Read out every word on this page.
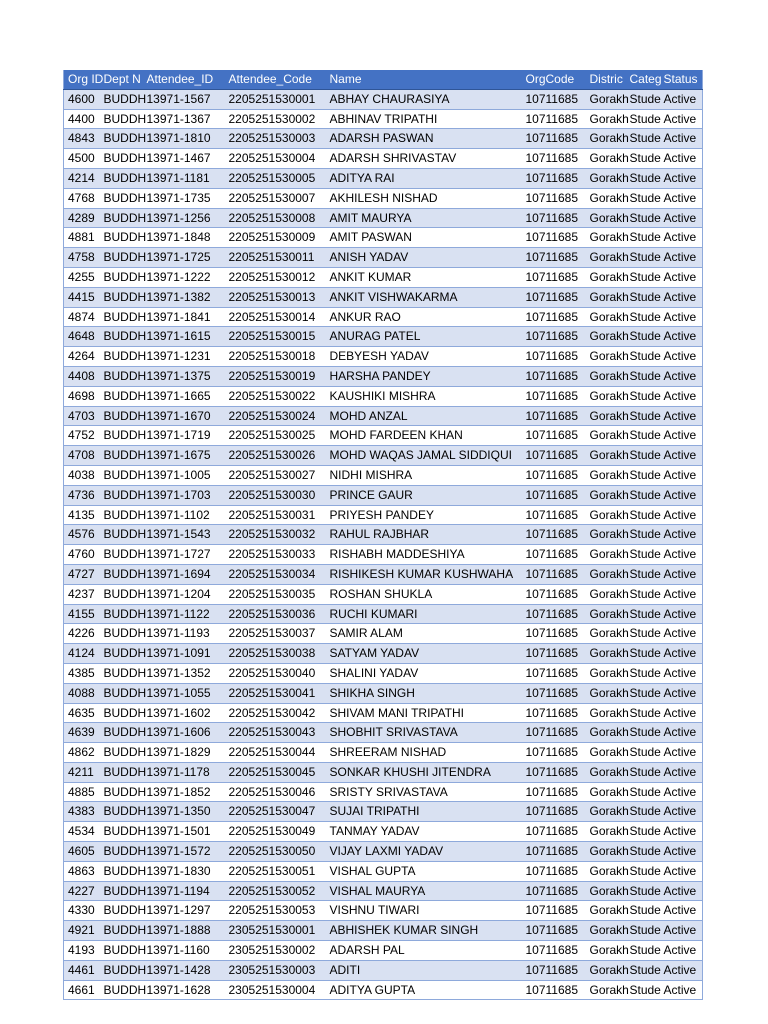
Org ID	Dept N	Attendee_ID	Attendee_Code	Name	OrgCode	Distric	Categ	Status
4600	BUDDH	13971-1567	2205251530001	ABHAY CHAURASIYA	10711685	Gorakh	Stude	Active
4400	BUDDH	13971-1367	2205251530002	ABHINAV TRIPATHI	10711685	Gorakh	Stude	Active
4843	BUDDH	13971-1810	2205251530003	ADARSH PASWAN	10711685	Gorakh	Stude	Active
4500	BUDDH	13971-1467	2205251530004	ADARSH SHRIVASTAV	10711685	Gorakh	Stude	Active
4214	BUDDH	13971-1181	2205251530005	ADITYA RAI	10711685	Gorakh	Stude	Active
4768	BUDDH	13971-1735	2205251530007	AKHILESH NISHAD	10711685	Gorakh	Stude	Active
4289	BUDDH	13971-1256	2205251530008	AMIT MAURYA	10711685	Gorakh	Stude	Active
4881	BUDDH	13971-1848	2205251530009	AMIT PASWAN	10711685	Gorakh	Stude	Active
4758	BUDDH	13971-1725	2205251530011	ANISH YADAV	10711685	Gorakh	Stude	Active
4255	BUDDH	13971-1222	2205251530012	ANKIT KUMAR	10711685	Gorakh	Stude	Active
4415	BUDDH	13971-1382	2205251530013	ANKIT VISHWAKARMA	10711685	Gorakh	Stude	Active
4874	BUDDH	13971-1841	2205251530014	ANKUR RAO	10711685	Gorakh	Stude	Active
4648	BUDDH	13971-1615	2205251530015	ANURAG PATEL	10711685	Gorakh	Stude	Active
4264	BUDDH	13971-1231	2205251530018	DEBYESH YADAV	10711685	Gorakh	Stude	Active
4408	BUDDH	13971-1375	2205251530019	HARSHA PANDEY	10711685	Gorakh	Stude	Active
4698	BUDDH	13971-1665	2205251530022	KAUSHIKI MISHRA	10711685	Gorakh	Stude	Active
4703	BUDDH	13971-1670	2205251530024	MOHD ANZAL	10711685	Gorakh	Stude	Active
4752	BUDDH	13971-1719	2205251530025	MOHD FARDEEN KHAN	10711685	Gorakh	Stude	Active
4708	BUDDH	13971-1675	2205251530026	MOHD WAQAS JAMAL SIDDIQUI	10711685	Gorakh	Stude	Active
4038	BUDDH	13971-1005	2205251530027	NIDHI MISHRA	10711685	Gorakh	Stude	Active
4736	BUDDH	13971-1703	2205251530030	PRINCE GAUR	10711685	Gorakh	Stude	Active
4135	BUDDH	13971-1102	2205251530031	PRIYESH PANDEY	10711685	Gorakh	Stude	Active
4576	BUDDH	13971-1543	2205251530032	RAHUL RAJBHAR	10711685	Gorakh	Stude	Active
4760	BUDDH	13971-1727	2205251530033	RISHABH MADDESHIYA	10711685	Gorakh	Stude	Active
4727	BUDDH	13971-1694	2205251530034	RISHIKESH KUMAR KUSHWAHA	10711685	Gorakh	Stude	Active
4237	BUDDH	13971-1204	2205251530035	ROSHAN SHUKLA	10711685	Gorakh	Stude	Active
4155	BUDDH	13971-1122	2205251530036	RUCHI KUMARI	10711685	Gorakh	Stude	Active
4226	BUDDH	13971-1193	2205251530037	SAMIR ALAM	10711685	Gorakh	Stude	Active
4124	BUDDH	13971-1091	2205251530038	SATYAM YADAV	10711685	Gorakh	Stude	Active
4385	BUDDH	13971-1352	2205251530040	SHALINI YADAV	10711685	Gorakh	Stude	Active
4088	BUDDH	13971-1055	2205251530041	SHIKHA SINGH	10711685	Gorakh	Stude	Active
4635	BUDDH	13971-1602	2205251530042	SHIVAM MANI TRIPATHI	10711685	Gorakh	Stude	Active
4639	BUDDH	13971-1606	2205251530043	SHOBHIT SRIVASTAVA	10711685	Gorakh	Stude	Active
4862	BUDDH	13971-1829	2205251530044	SHREERAM NISHAD	10711685	Gorakh	Stude	Active
4211	BUDDH	13971-1178	2205251530045	SONKAR KHUSHI JITENDRA	10711685	Gorakh	Stude	Active
4885	BUDDH	13971-1852	2205251530046	SRISTY SRIVASTAVA	10711685	Gorakh	Stude	Active
4383	BUDDH	13971-1350	2205251530047	SUJAI TRIPATHI	10711685	Gorakh	Stude	Active
4534	BUDDH	13971-1501	2205251530049	TANMAY YADAV	10711685	Gorakh	Stude	Active
4605	BUDDH	13971-1572	2205251530050	VIJAY LAXMI YADAV	10711685	Gorakh	Stude	Active
4863	BUDDH	13971-1830	2205251530051	VISHAL GUPTA	10711685	Gorakh	Stude	Active
4227	BUDDH	13971-1194	2205251530052	VISHAL MAURYA	10711685	Gorakh	Stude	Active
4330	BUDDH	13971-1297	2205251530053	VISHNU TIWARI	10711685	Gorakh	Stude	Active
4921	BUDDH	13971-1888	2305251530001	ABHISHEK KUMAR SINGH	10711685	Gorakh	Stude	Active
4193	BUDDH	13971-1160	2305251530002	ADARSH PAL	10711685	Gorakh	Stude	Active
4461	BUDDH	13971-1428	2305251530003	ADITI	10711685	Gorakh	Stude	Active
4661	BUDDH	13971-1628	2305251530004	ADITYA GUPTA	10711685	Gorakh	Stude	Active
